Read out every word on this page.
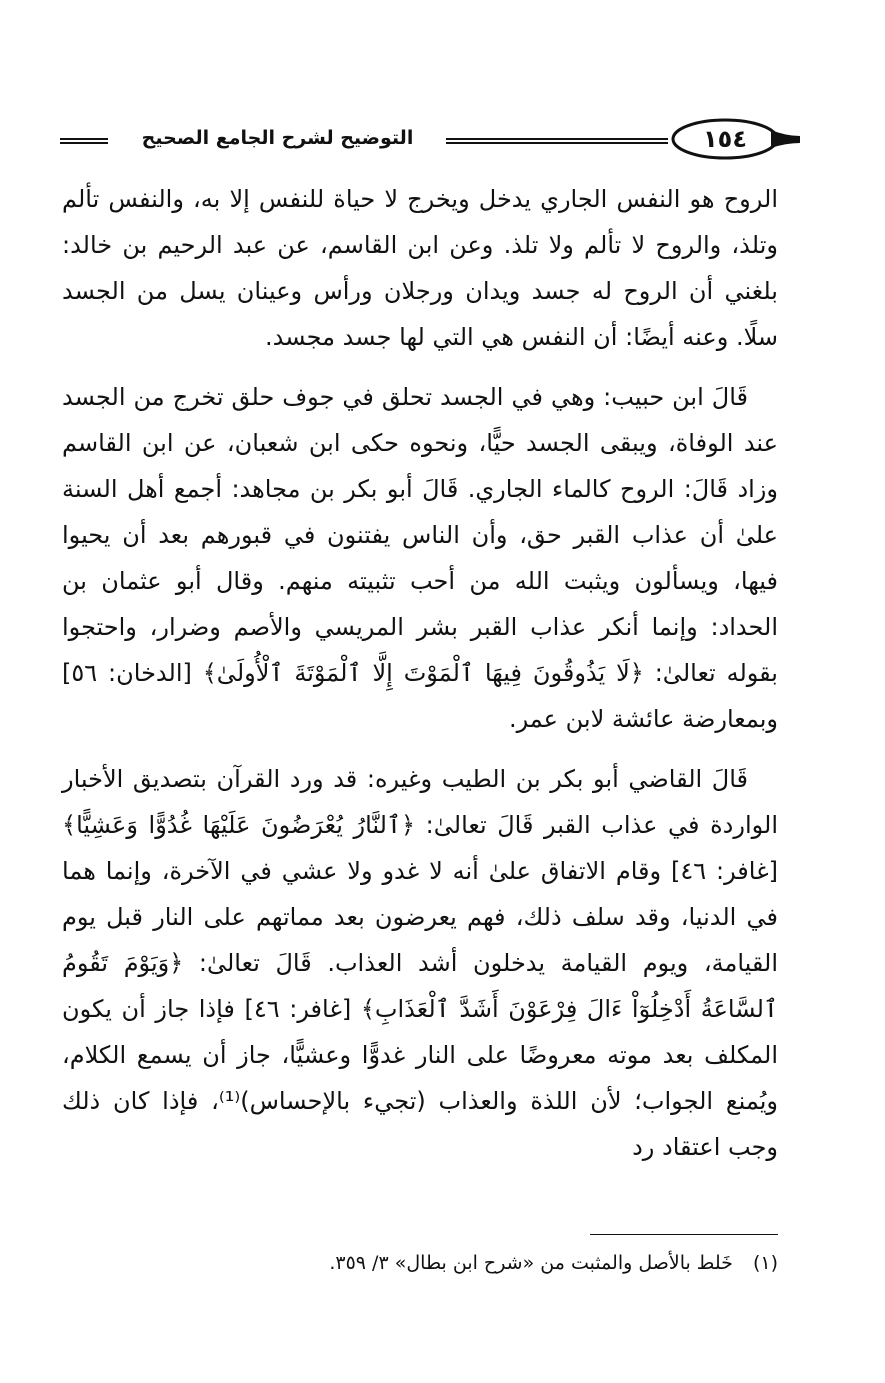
التوضيح لشرح الجامع الصحيح	١٥٤

الروح هو النفس الجاري يدخل ويخرج لا حياة للنفس إلا به، والنفس تألم وتلذ، والروح لا تألم ولا تلذ. وعن ابن القاسم، عن عبد الرحيم بن خالد: بلغني أن الروح له جسد ويدان ورجلان ورأس وعينان يسل من الجسد سلًا. وعنه أيضًا: أن النفس هي التي لها جسد مجسد.

قَالَ ابن حبيب: وهي في الجسد تحلق في جوف حلق تخرج من الجسد عند الوفاة، ويبقى الجسد حيًّا، ونحوه حكى ابن شعبان، عن ابن القاسم وزاد قَالَ: الروح كالماء الجاري. قَالَ أبو بكر بن مجاهد: أجمع أهل السنة علىٰ أن عذاب القبر حق، وأن الناس يفتنون في قبورهم بعد أن يحيوا فيها، ويسألون ويثبت الله من أحب تثبيته منهم. وقال أبو عثمان بن الحداد: وإنما أنكر عذاب القبر بشر المريسي والأصم وضرار، واحتجوا بقوله تعالىٰ: ﴿لَا يَذُوقُونَ فِيهَا ٱلْمَوْتَ إِلَّا ٱلْمَوْتَةَ ٱلْأُولَىٰ﴾ [الدخان: ٥٦] وبمعارضة عائشة لابن عمر.

قَالَ القاضي أبو بكر بن الطيب وغيره: قد ورد القرآن بتصديق الأخبار الواردة في عذاب القبر قَالَ تعالىٰ: ﴿ٱلنَّارُ يُعْرَضُونَ عَلَيْهَا غُدُوًّا وَعَشِيًّا﴾ [غافر: ٤٦] وقام الاتفاق علىٰ أنه لا غدو ولا عشي في الآخرة، وإنما هما في الدنيا، وقد سلف ذلك، فهم يعرضون بعد مماتهم على النار قبل يوم القيامة، ويوم القيامة يدخلون أشد العذاب. قَالَ تعالىٰ: ﴿وَيَوْمَ تَقُومُ ٱلسَّاعَةُ أَدْخِلُوٓاْ ءَالَ فِرْعَوْنَ أَشَدَّ ٱلْعَذَابِ﴾ [غافر: ٤٦] فإذا جاز أن يكون المكلف بعد موته معروضًا على النار غدوًّا وعشيًّا، جاز أن يسمع الكلام، ويُمنع الجواب؛ لأن اللذة والعذاب (تجيء بالإحساس)⁽¹⁾، فإذا كان ذلك وجب اعتقاد رد

(١) خَلط بالأصل والمثبت من «شرح ابن بطال» ٣/ ٣٥٩.
